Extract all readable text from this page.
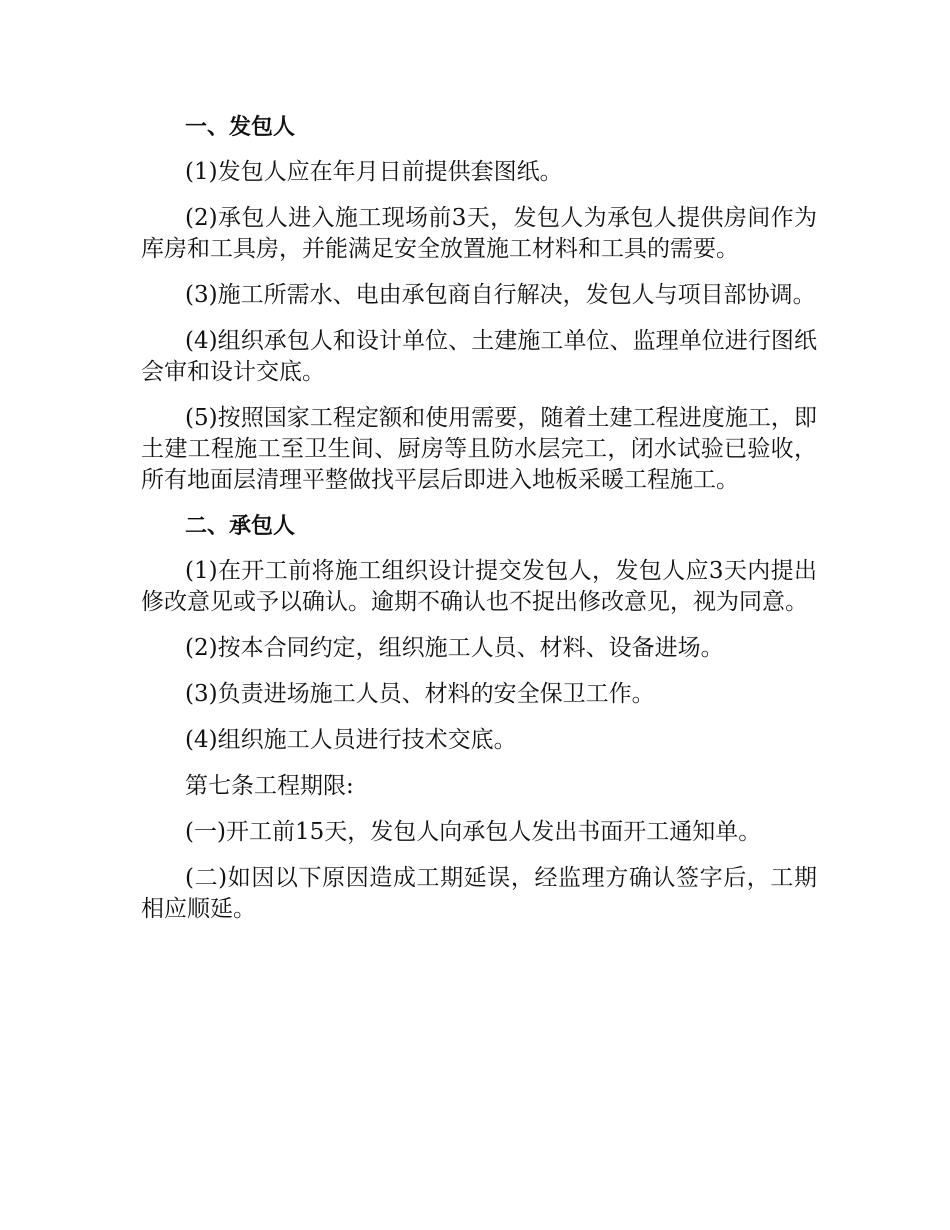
一、发包人

(1)发包人应在年月日前提供套图纸。

(2)承包人进入施工现场前3天，发包人为承包人提供房间作为库房和工具房，并能满足安全放置施工材料和工具的需要。

(3)施工所需水、电由承包商自行解决，发包人与项目部协调。

(4)组织承包人和设计单位、土建施工单位、监理单位进行图纸会审和设计交底。

(5)按照国家工程定额和使用需要，随着土建工程进度施工，即土建工程施工至卫生间、厨房等且防水层完工，闭水试验已验收，所有地面层清理平整做找平层后即进入地板采暖工程施工。

二、承包人

(1)在开工前将施工组织设计提交发包人，发包人应3天内提出修改意见或予以确认。逾期不确认也不捉出修改意见，视为同意。

(2)按本合同约定，组织施工人员、材料、设备进场。

(3)负责进场施工人员、材料的安全保卫工作。

(4)组织施工人员进行技术交底。

第七条工程期限:

(一)开工前15天，发包人向承包人发出书面开工通知单。

(二)如因以下原因造成工期延误，经监理方确认签字后，工期相应顺延。
